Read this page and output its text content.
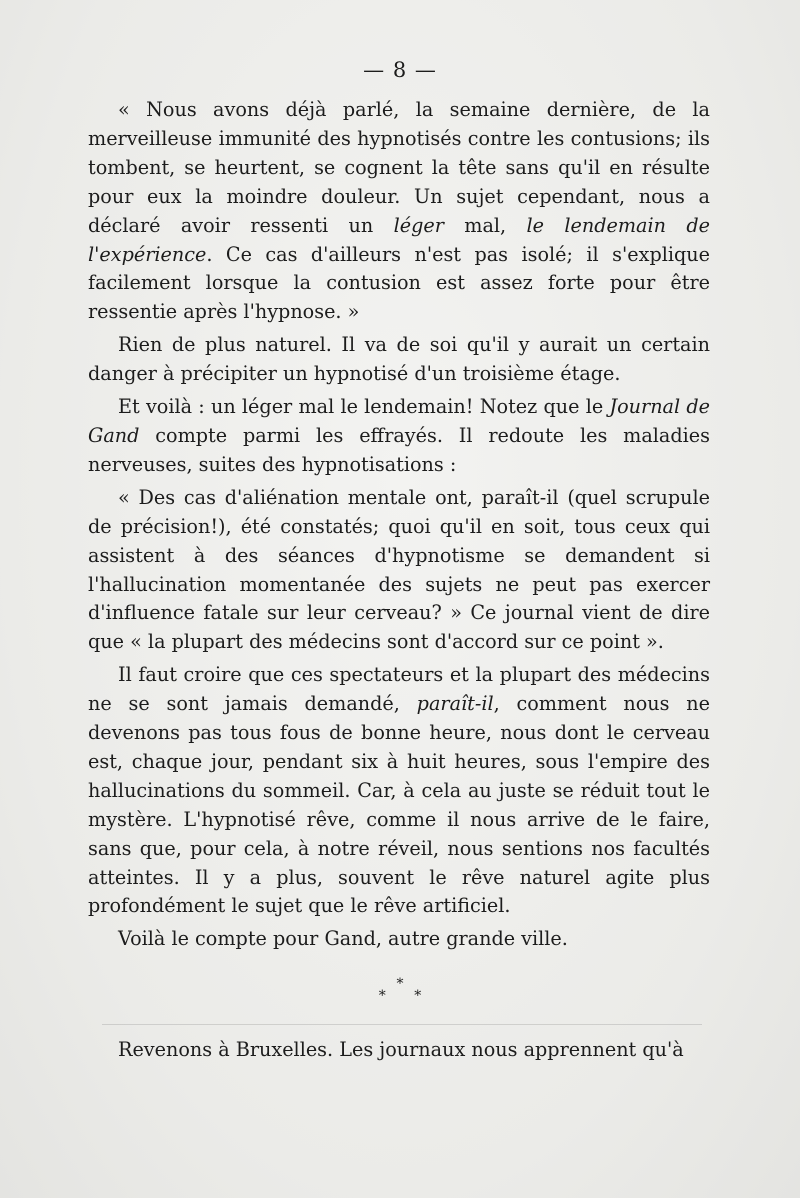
— 8 —

« Nous avons déjà parlé, la semaine dernière, de la merveilleuse immunité des hypnotisés contre les contusions; ils tombent, se heurtent, se cognent la tête sans qu'il en résulte pour eux la moindre douleur. Un sujet cependant, nous a déclaré avoir ressenti un léger mal, le lendemain de l'expérience. Ce cas d'ailleurs n'est pas isolé; il s'explique facilement lorsque la contusion est assez forte pour être ressentie après l'hypnose. »

Rien de plus naturel. Il va de soi qu'il y aurait un certain danger à précipiter un hypnotisé d'un troisième étage.

Et voilà : un léger mal le lendemain! Notez que le Journal de Gand compte parmi les effrayés. Il redoute les maladies nerveuses, suites des hypnotisations :

« Des cas d'aliénation mentale ont, paraît-il (quel scrupule de précision!), été constatés; quoi qu'il en soit, tous ceux qui assistent à des séances d'hypnotisme se demandent si l'hallucination momentanée des sujets ne peut pas exercer d'influence fatale sur leur cerveau? » Ce journal vient de dire que « la plupart des médecins sont d'accord sur ce point ».

Il faut croire que ces spectateurs et la plupart des médecins ne se sont jamais demandé, paraît-il, comment nous ne devenons pas tous fous de bonne heure, nous dont le cerveau est, chaque jour, pendant six à huit heures, sous l'empire des hallucinations du sommeil. Car, à cela au juste se réduit tout le mystère. L'hypnotisé rêve, comme il nous arrive de le faire, sans que, pour cela, à notre réveil, nous sentions nos facultés atteintes. Il y a plus, souvent le rêve naturel agite plus profondément le sujet que le rêve artificiel.

Voilà le compte pour Gand, autre grande ville.

*
* *
Revenons à Bruxelles. Les journaux nous apprennent qu'à
